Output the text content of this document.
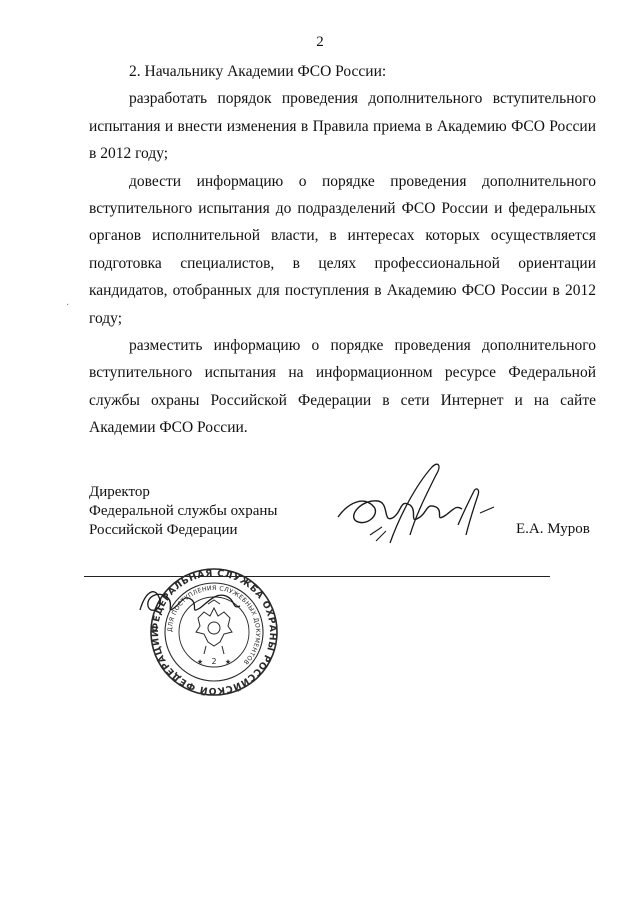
2

2. Начальнику Академии ФСО России:

разработать порядок проведения дополнительного вступительного испытания и внести изменения в Правила приема в Академию ФСО России в 2012 году;

довести информацию о порядке проведения дополнительного вступительного испытания до подразделений ФСО России и федеральных органов исполнительной власти, в интересах которых осуществляется подготовка специалистов, в целях профессиональной ориентации кандидатов, отобранных для поступления в Академию ФСО России в 2012 году;

разместить информацию о порядке проведения дополнительного вступительного испытания на информационном ресурсе Федеральной службы охраны Российской Федерации в сети Интернет и на сайте Академии ФСО России.

·
Директор
Федеральной службы охраны
Российской Федерации	Е.А. Муров
ФЕДЕРАЛЬНАЯ СЛУЖБА ОХРАНЫ РОССИЙСКОЙ ФЕДЕРАЦИИ ДЛЯ ПОСТУПЛЕНИЯ СЛУЖЕБНЫХ ДОКУМЕНТОВ
2
★	★
